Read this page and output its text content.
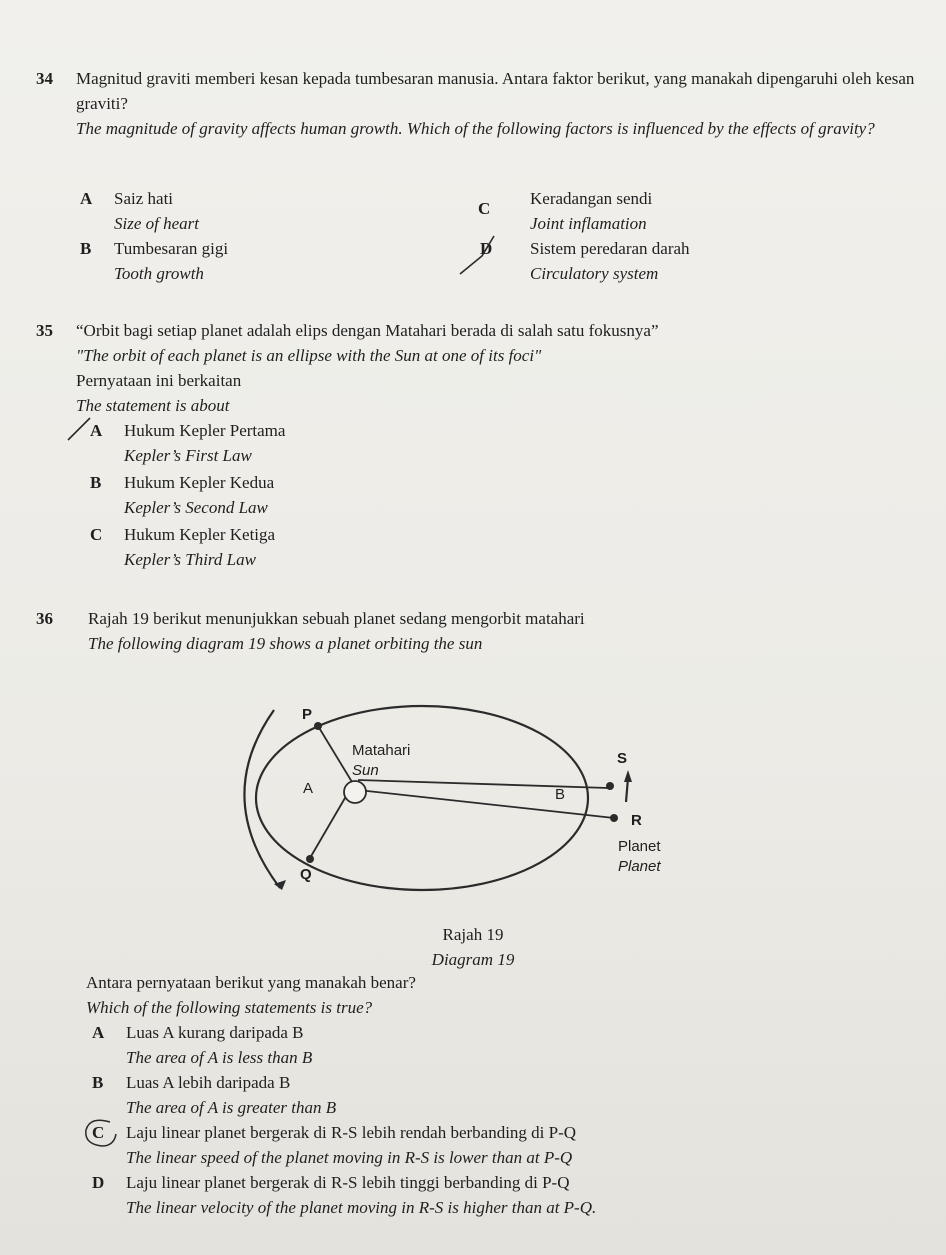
34 Magnitud graviti memberi kesan kepada tumbesaran manusia. Antara faktor berikut, yang manakah dipengaruhi oleh kesan graviti?
The magnitude of gravity affects human growth. Which of the following factors is influenced by the effects of gravity?
A Saiz hati
Size of heart
B Tumbesaran gigi
Tooth growth
C
Keradangan sendi
Joint inflamation
D Sistem peredaran darah
Circulatory system
35 “Orbit bagi setiap planet adalah elips dengan Matahari berada di salah satu fokusnya”
"The orbit of each planet is an ellipse with the Sun at one of its foci"
Pernyataan ini berkaitan
The statement is about
A Hukum Kepler Pertama
Kepler’s First Law
B Hukum Kepler Kedua
Kepler’s Second Law
C Hukum Kepler Ketiga
Kepler’s Third Law
36 Rajah 19 berikut menunjukkan sebuah planet sedang mengorbit matahari
The following diagram 19 shows a planet orbiting the sun
P
Matahari
Sun
S
A	B
R
Planet
Planet
Q
Rajah 19
Diagram 19
Antara pernyataan berikut yang manakah benar?
Which of the following statements is true?
A Luas A kurang daripada B
The area of A is less than B
B Luas A lebih daripada B
The area of A is greater than B
C Laju linear planet bergerak di R-S lebih rendah berbanding di P-Q
The linear speed of the planet moving in R-S is lower than at P-Q
D Laju linear planet bergerak di R-S lebih tinggi berbanding di P-Q
The linear velocity of the planet moving in R-S is higher than at P-Q.
